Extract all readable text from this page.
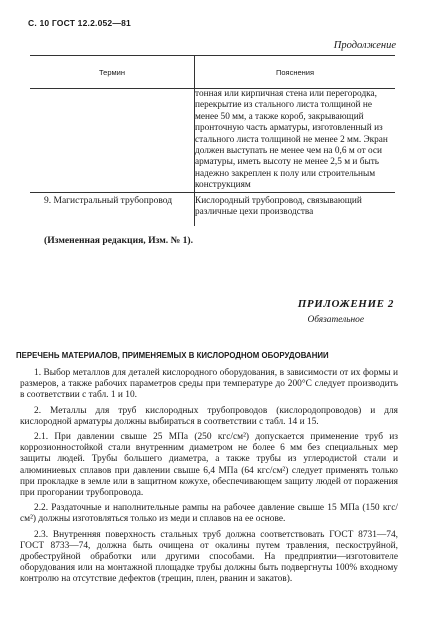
С. 10 ГОСТ 12.2.052—81
Продолжение
Термин	Пояснения
	тонная или кирпичная стена или перегородка, перекрытие из стального листа толщиной не менее 50 мм, а также короб, закрывающий пронточную часть арматуры, изготовленный из стального листа толщиной не менее 2 мм. Экран должен выступать не менее чем на 0,6 м от оси арматуры, иметь высоту не менее 2,5 м и быть надежно закреплен к полу или строительным конструкциям
9. Магистральный трубопровод	Кислородный трубопровод, связывающий различные цехи производства
(Измененная редакция, Изм. № 1).
ПРИЛОЖЕНИЕ 2
Обязательное
ПЕРЕЧЕНЬ МАТЕРИАЛОВ, ПРИМЕНЯЕМЫХ В КИСЛОРОДНОМ ОБОРУДОВАНИИ

1. Выбор металлов для деталей кислородного оборудования, в зависимости от их формы и размеров, а также рабочих параметров среды при температуре до 200°С следует производить в соответствии с табл. 1 и 10.

2. Металлы для труб кислородных трубопроводов (кислородопроводов) и для кислородной арматуры должны выбираться в соответствии с табл. 14 и 15.

2.1. При давлении свыше 25 МПа (250 кгс/см²) допускается применение труб из коррозионностойкой стали внутренним диаметром не более 6 мм без специальных мер защиты людей. Трубы большего диаметра, а также трубы из углеродистой стали и алюминиевых сплавов при давлении свыше 6,4 МПа (64 кгс/см²) следует применять только при прокладке в земле или в защитном кожухе, обеспечивающем защиту людей от поражения при прогорании трубопровода.

2.2. Раздаточные и наполнительные рампы на рабочее давление свыше 15 МПа (150 кгс/см²) должны изготовляться только из меди и сплавов на ее основе.

2.3. Внутренняя поверхность стальных труб должна соответствовать ГОСТ 8731—74, ГОСТ 8733—74, должна быть очищена от окалины путем травления, пескоструйной, дробеструйной обработки или другими способами. На предприятии—изготовителе оборудования или на монтажной площадке трубы должны быть подвергнуты 100% входному контролю на отсутствие дефектов (трещин, плен, рванин и закатов).
